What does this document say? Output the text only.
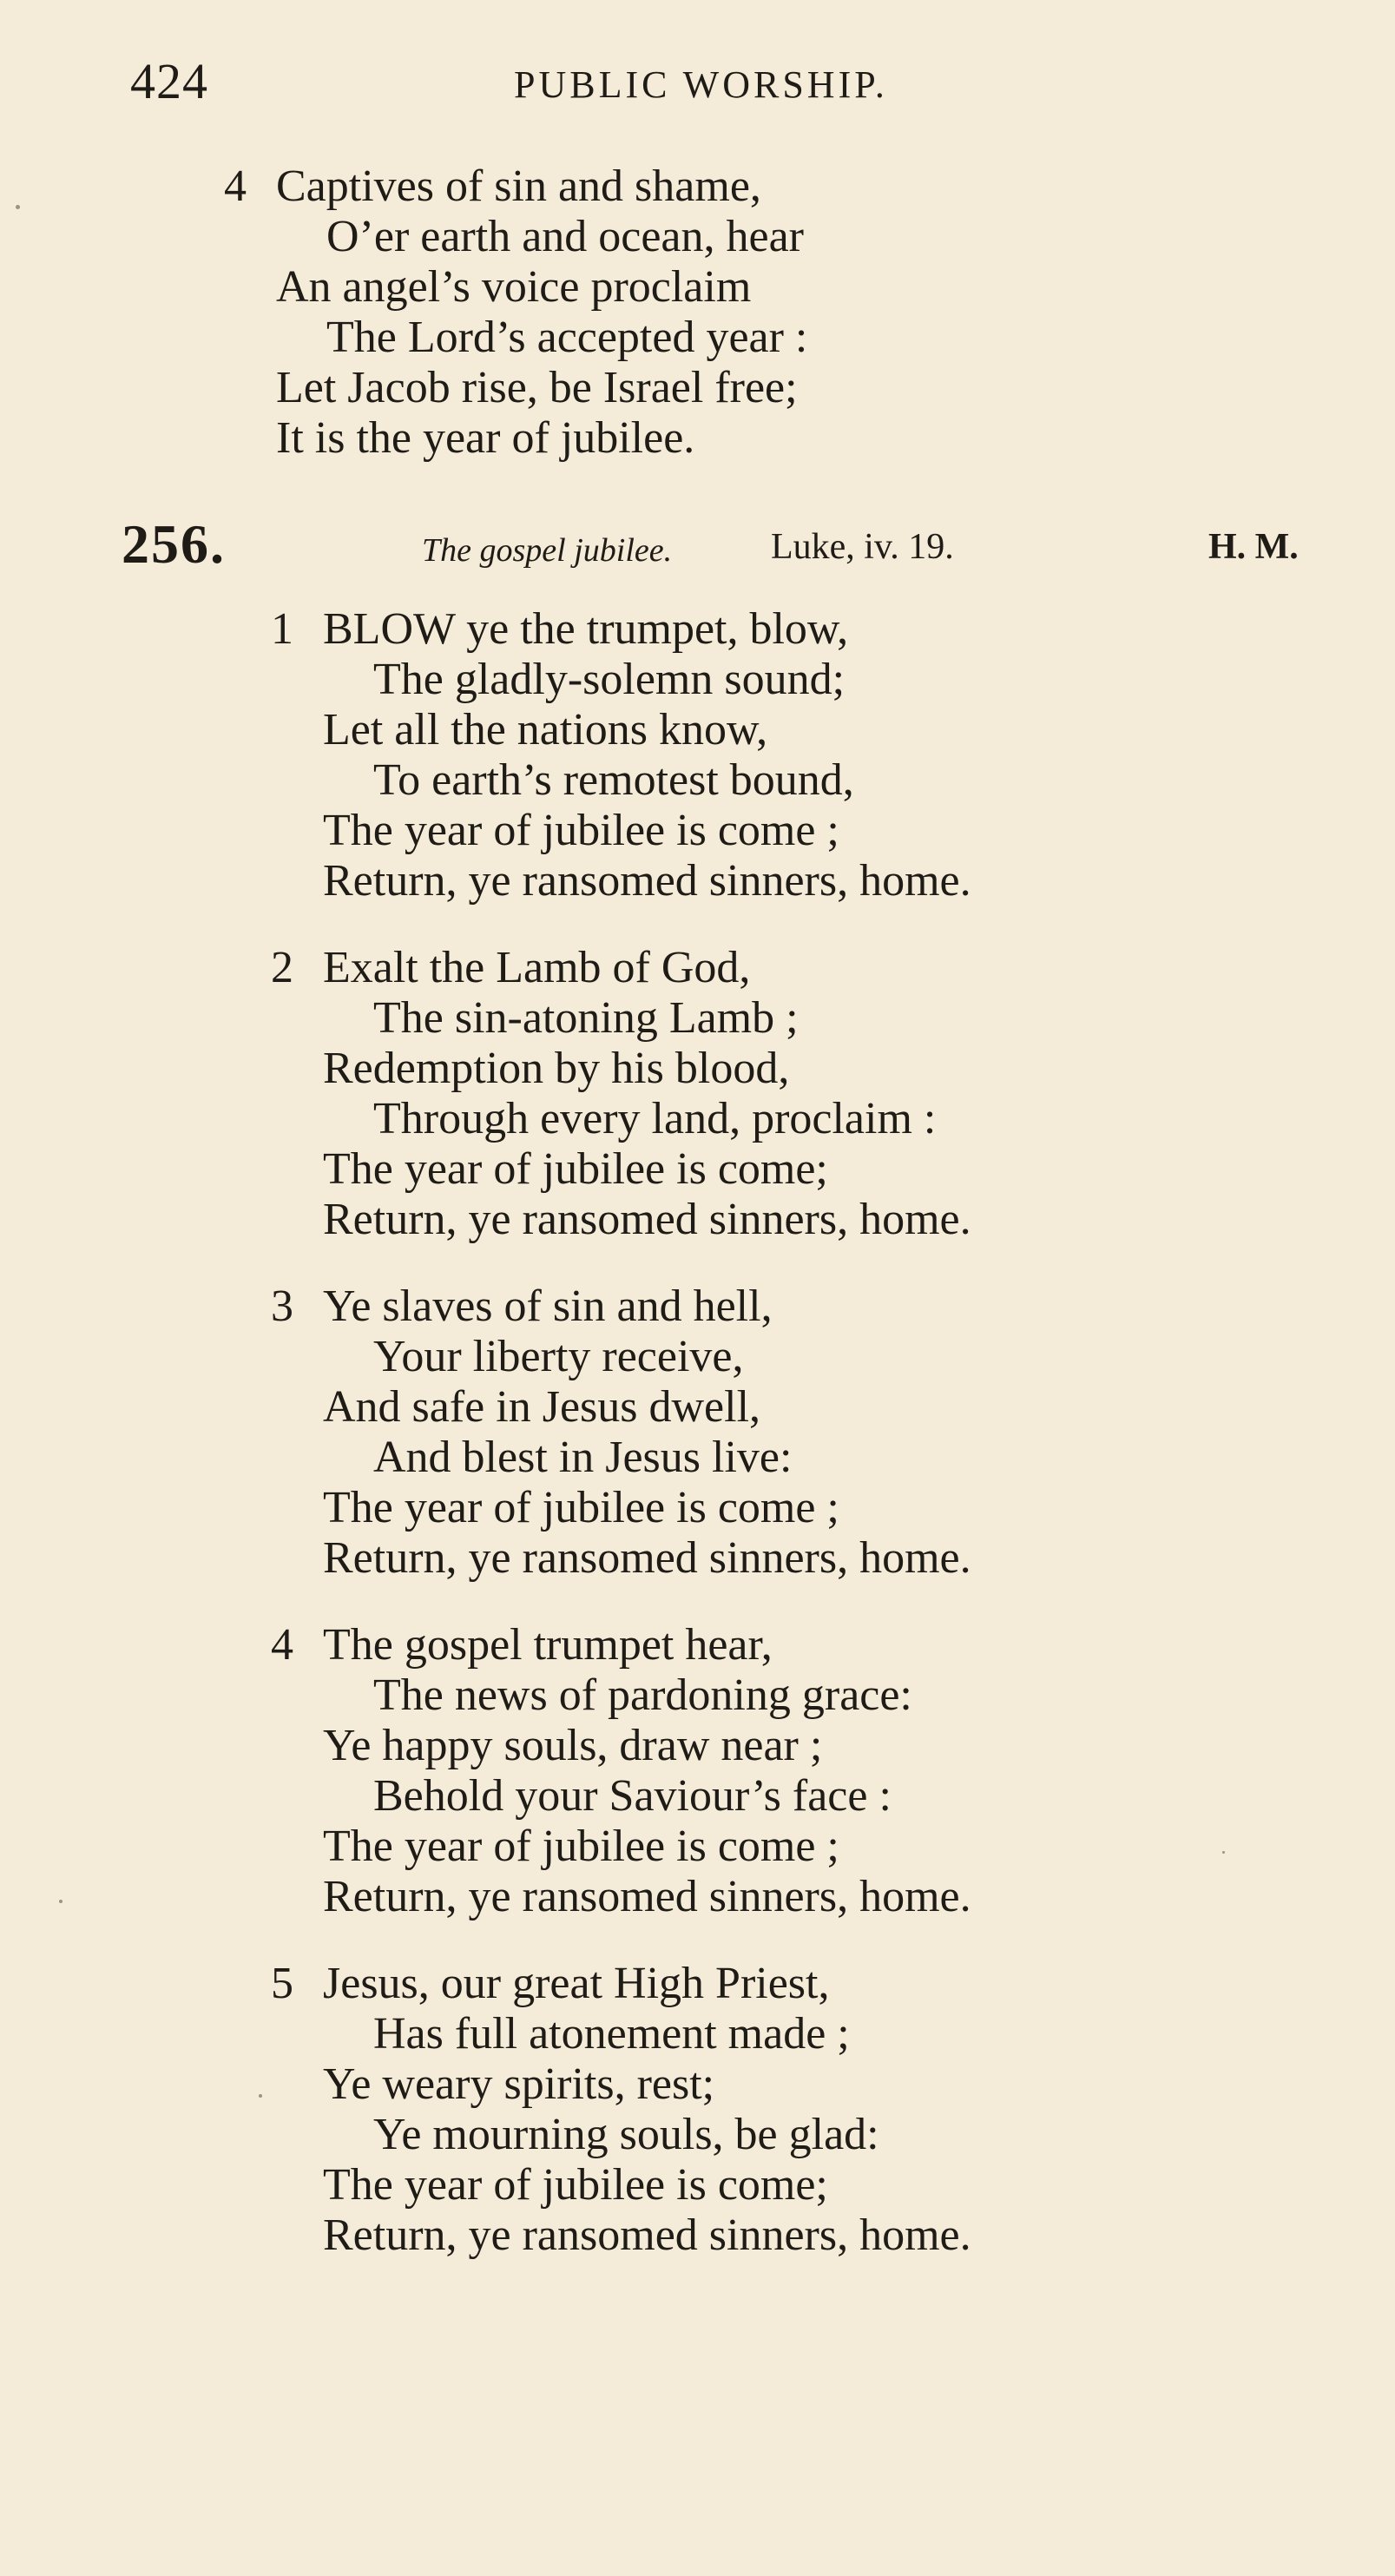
424	PUBLIC WORSHIP.
4 Captives of sin and shame,
O’er earth and ocean, hear
An angel’s voice proclaim
The Lord’s accepted year :
Let Jacob rise, be Israel free;
It is the year of jubilee.
256.	The gospel jubilee.	Luke, iv. 19.	H. M.
1 BLOW ye the trumpet, blow,
The gladly-solemn sound;
Let all the nations know,
To earth’s remotest bound,
The year of jubilee is come ;
Return, ye ransomed sinners, home.
2 Exalt the Lamb of God,
The sin-atoning Lamb ;
Redemption by his blood,
Through every land, proclaim :
The year of jubilee is come;
Return, ye ransomed sinners, home.
3 Ye slaves of sin and hell,
Your liberty receive,
And safe in Jesus dwell,
And blest in Jesus live:
The year of jubilee is come ;
Return, ye ransomed sinners, home.
4 The gospel trumpet hear,
The news of pardoning grace:
Ye happy souls, draw near ;
Behold your Saviour’s face :
The year of jubilee is come ;
Return, ye ransomed sinners, home.
5 Jesus, our great High Priest,
Has full atonement made ;
Ye weary spirits, rest;
Ye mourning souls, be glad:
The year of jubilee is come;
Return, ye ransomed sinners, home.
